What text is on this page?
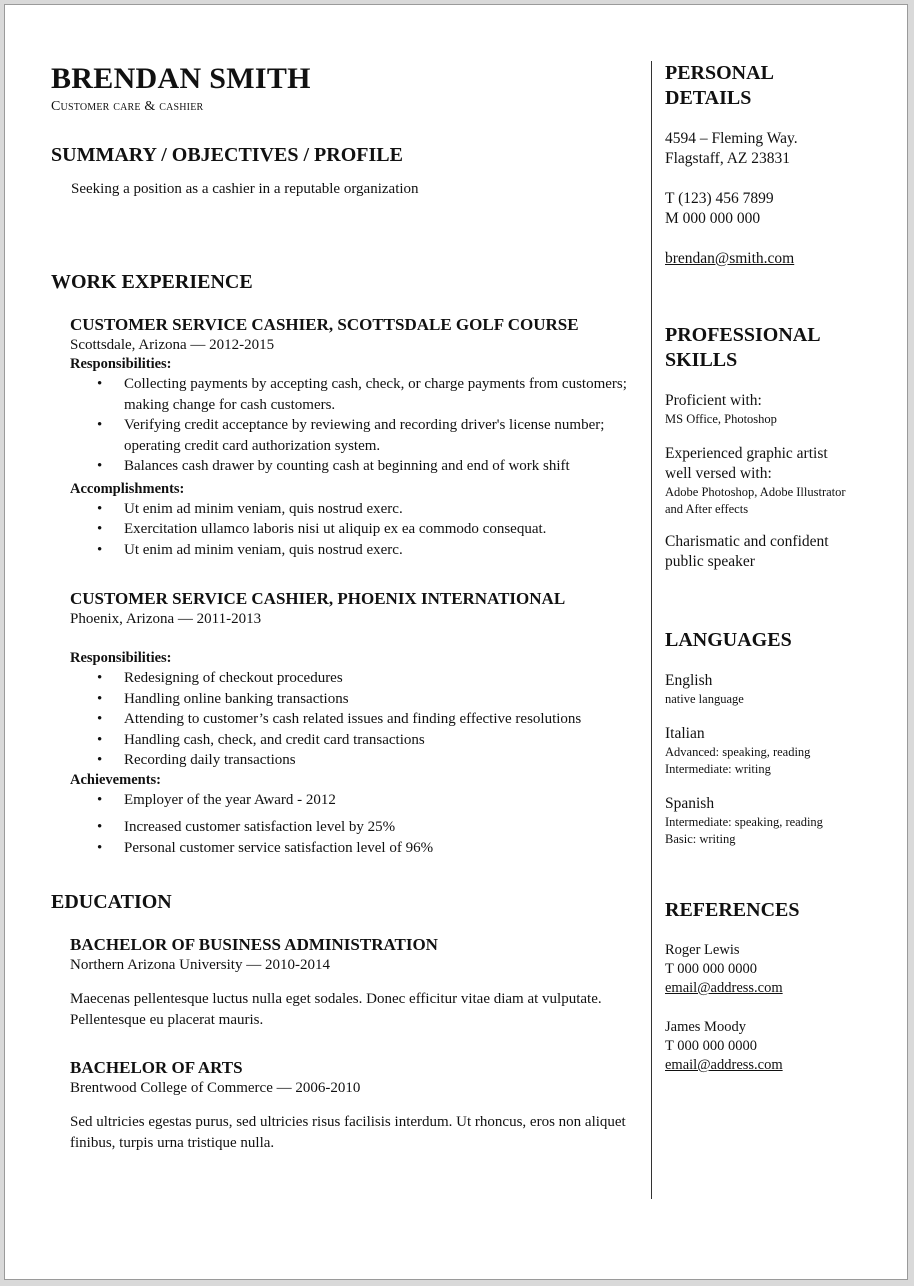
BRENDAN SMITH
Customer care & cashier
SUMMARY / OBJECTIVES / PROFILE
Seeking a position as a cashier in a reputable organization
WORK EXPERIENCE
CUSTOMER SERVICE CASHIER, SCOTTSDALE GOLF COURSE
Scottsdale, Arizona — 2012-2015
Responsibilities:
• Collecting payments by accepting cash, check, or charge payments from customers; making change for cash customers.
• Verifying credit acceptance by reviewing and recording driver's license number; operating credit card authorization system.
• Balances cash drawer by counting cash at beginning and end of work shift
Accomplishments:
• Ut enim ad minim veniam, quis nostrud exerc.
• Exercitation ullamco laboris nisi ut aliquip ex ea commodo consequat.
• Ut enim ad minim veniam, quis nostrud exerc.
CUSTOMER SERVICE CASHIER, PHOENIX INTERNATIONAL
Phoenix, Arizona — 2011-2013
Responsibilities:
• Redesigning of checkout procedures
• Handling online banking transactions
• Attending to customer’s cash related issues and finding effective resolutions
• Handling cash, check, and credit card transactions
• Recording daily transactions
Achievements:
• Employer of the year Award - 2012
• Increased customer satisfaction level by 25%
• Personal customer service satisfaction level of 96%
EDUCATION
BACHELOR OF BUSINESS ADMINISTRATION
Northern Arizona University — 2010-2014
Maecenas pellentesque luctus nulla eget sodales. Donec efficitur vitae diam at vulputate. Pellentesque eu placerat mauris.
BACHELOR OF ARTS
Brentwood College of Commerce — 2006-2010
Sed ultricies egestas purus, sed ultricies risus facilisis interdum. Ut rhoncus, eros non aliquet finibus, turpis urna tristique nulla.
PERSONAL
DETAILS
4594 – Fleming Way.
Flagstaff, AZ 23831
T (123) 456 7899
M 000 000 000
brendan@smith.com
PROFESSIONAL
SKILLS
Proficient with:
MS Office, Photoshop
Experienced graphic artist well versed with:
Adobe Photoshop, Adobe Illustrator and After effects
Charismatic and confident public speaker
LANGUAGES
English
native language
Italian
Advanced: speaking, reading
Intermediate: writing
Spanish
Intermediate: speaking, reading
Basic: writing
REFERENCES
Roger Lewis
T 000 000 0000
email@address.com
James Moody
T 000 000 0000
email@address.com
